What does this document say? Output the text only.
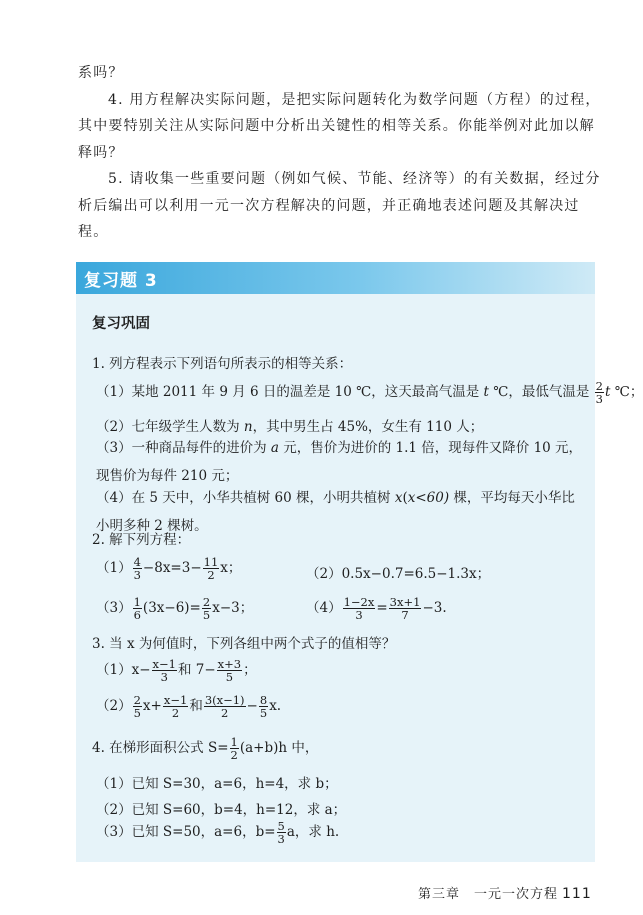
系吗？

4. 用方程解决实际问题，是把实际问题转化为数学问题（方程）的过程，其中要特别关注从实际问题中分析出关键性的相等关系。你能举例对此加以解释吗？

5. 请收集一些重要问题（例如气候、节能、经济等）的有关数据，经过分析后编出可以利用一元一次方程解决的问题，并正确地表述问题及其解决过程。

复习题 3
复习巩固
1. 列方程表示下列语句所表示的相等关系：
（1）某地 2011 年 9 月 6 日的温差是 10 ℃，这天最高气温是 t ℃，最低气温是 $\frac{2}{3}$ t ℃；
（2）七年级学生人数为 n，其中男生占 45%，女生有 110 人；
（3）一种商品每件的进价为 a 元，售价为进价的 1.1 倍，现每件又降价 10 元，现售价为每件 210 元；
（4）在 5 天中，小华共植树 60 棵，小明共植树 x(x<60) 棵，平均每天小华比小明多种 2 棵树。
2. 解下列方程：
$(1) \frac{4}{3} -8x=3- \frac{11}{2}$ x；	（2）0.5x−0.7=6.5−1.3x；
$(3) \frac{1}{6} (3x-6)= \frac{2}{5} x-3$；	$(4) \frac{1-2x}{3} = \frac{3x+1}{7} -3$.
3. 当 x 为何值时，下列各组中两个式子的值相等？
$(1)x- \frac{x-1}{3}$ 和 $7- \frac{x+3}{5}$ ；
$(2) \frac{2}{5} x+ \frac{x-1}{2}$ 和 $\frac{3(x-1)}{2} - \frac{8}{5} x$.
4. 在梯形面积公式 $S= \frac{1}{2} (a+b)h$ 中，
（1）已知 S=30，a=6，h=4，求 b；
（2）已知 S=60，b=4，h=12，求 a；
（3）已知 S=50，a=6，$b= \frac{5}{3}$ a，求 h.
第三章　一元一次方程 111
